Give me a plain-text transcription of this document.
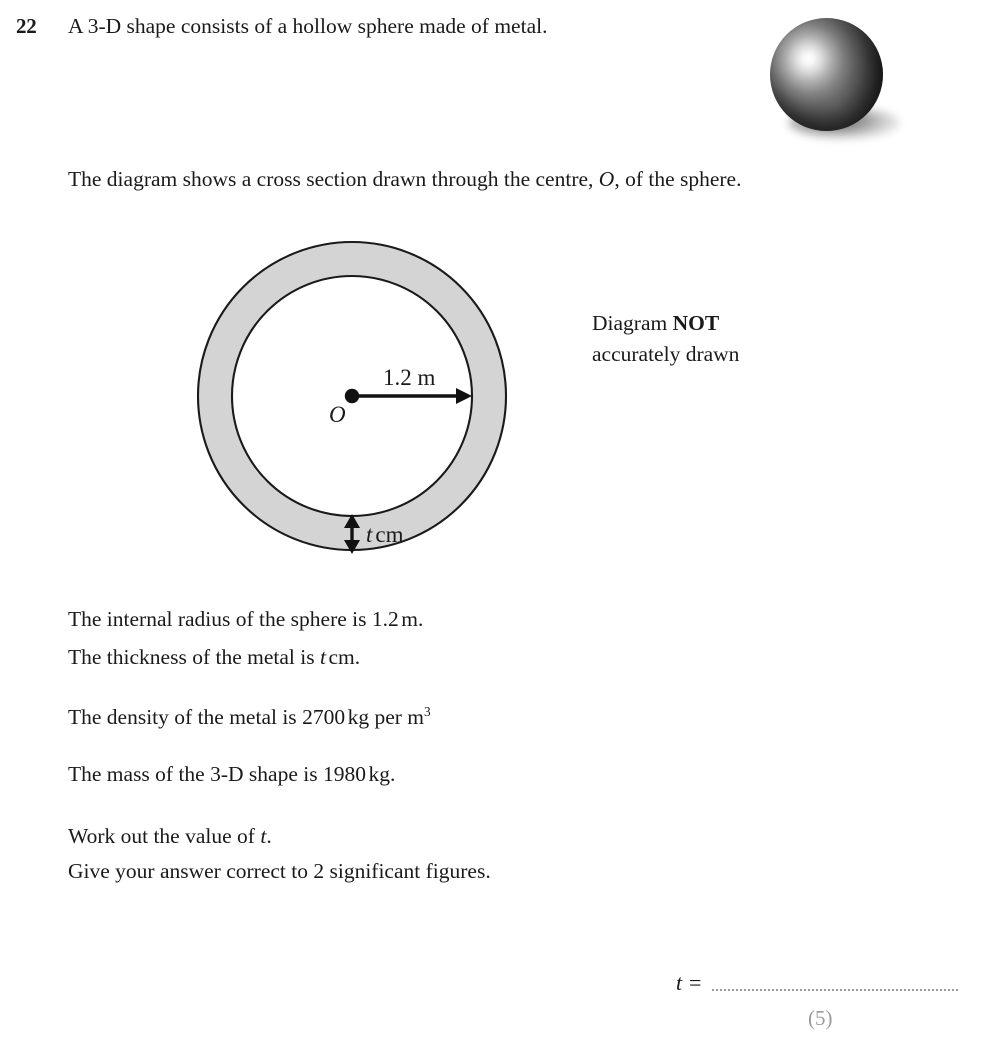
22 A 3-D shape consists of a hollow sphere made of metal.
The diagram shows a cross section drawn through the centre, O, of the sphere.
Diagram NOT
accurately drawn
O
1.2 m
t cm
The internal radius of the sphere is 1.2 m.
The thickness of the metal is t cm.
The density of the metal is 2700 kg per $m^3$
The mass of the 3-D shape is 1980 kg.
Work out the value of t.
Give your answer correct to 2 significant figures.
t =
(5)
